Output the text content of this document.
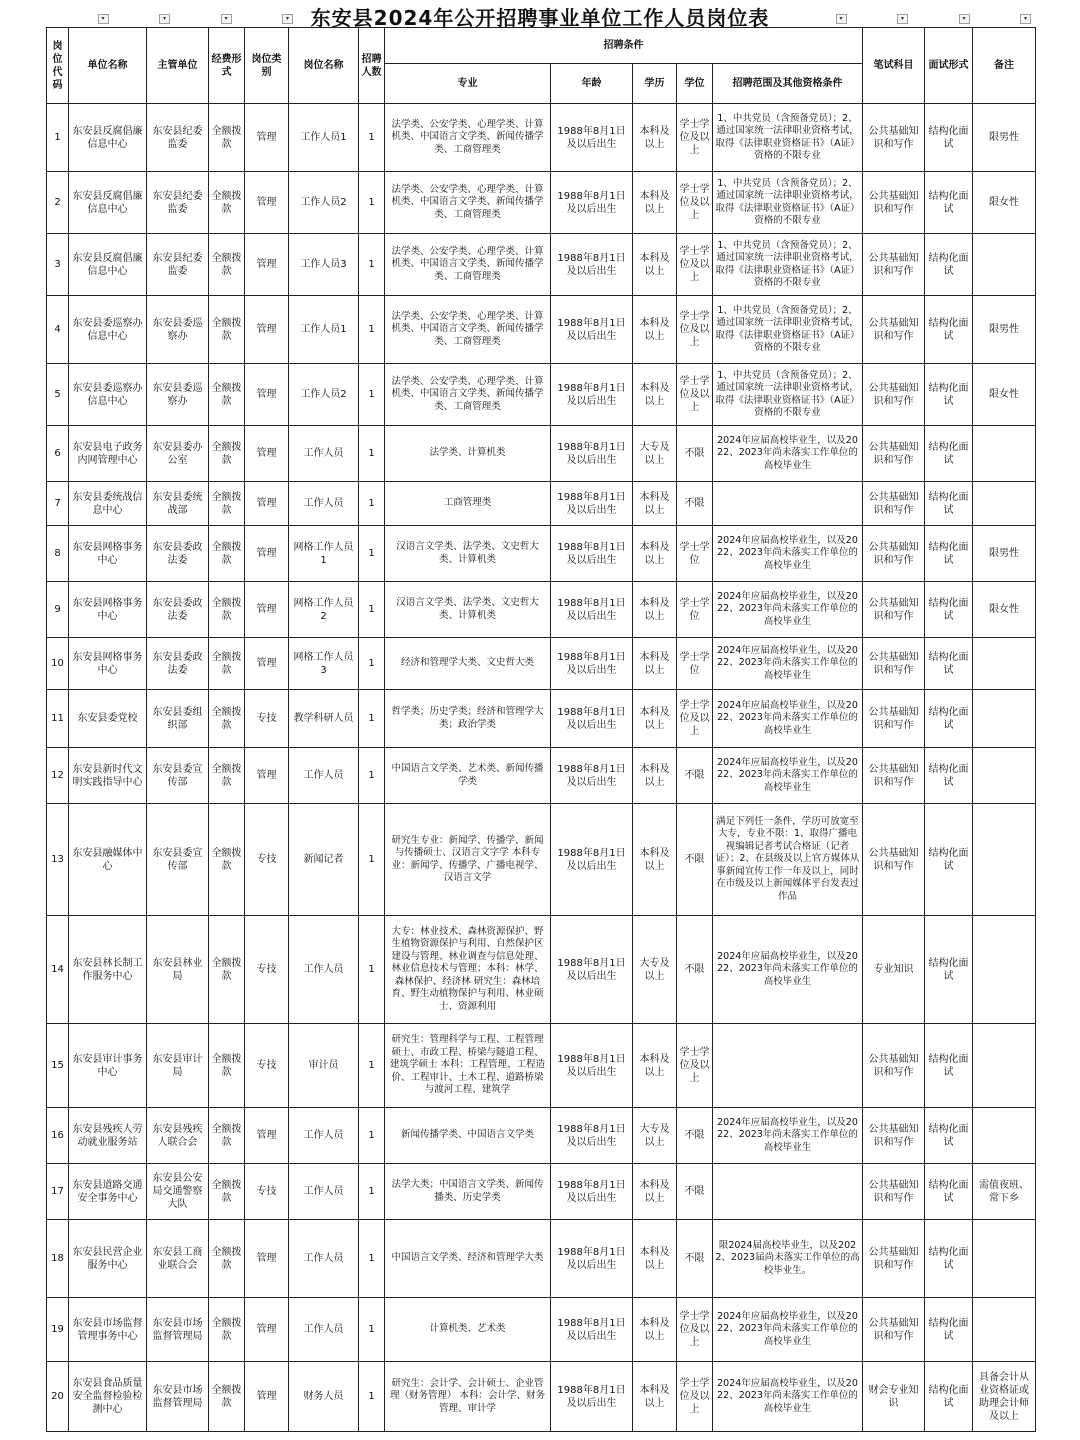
▾	▾	▾	▾	▾	▾	▾	▾
东安县2024年公开招聘事业单位工作人员岗位表
岗位代码	单位名称	主管单位	经费形式	岗位类别	岗位名称	招聘人数	招聘条件					笔试科目	面试形式	备注
							专业	年龄	学历	学位	招聘范围及其他资格条件			
1	东安县反腐倡廉信息中心	东安县纪委监委	全额拨款	管理	工作人员1	1	法学类、公安学类、心理学类、计算机类、中国语言文学类、新闻传播学类、工商管理类	1988年8月1日及以后出生	本科及以上	学士学位及以上	1、中共党员（含预备党员）；2、通过国家统一法律职业资格考试，取得《法律职业资格证书》（A证）资格的不限专业	公共基础知识和写作	结构化面试	限男性
2	东安县反腐倡廉信息中心	东安县纪委监委	全额拨款	管理	工作人员2	1	法学类、公安学类、心理学类、计算机类、中国语言文学类、新闻传播学类、工商管理类	1988年8月1日及以后出生	本科及以上	学士学位及以上	1、中共党员（含预备党员）；2、通过国家统一法律职业资格考试，取得《法律职业资格证书》（A证）资格的不限专业	公共基础知识和写作	结构化面试	限女性
3	东安县反腐倡廉信息中心	东安县纪委监委	全额拨款	管理	工作人员3	1	法学类、公安学类、心理学类、计算机类、中国语言文学类、新闻传播学类、工商管理类	1988年8月1日及以后出生	本科及以上	学士学位及以上	1、中共党员（含预备党员）；2、通过国家统一法律职业资格考试，取得《法律职业资格证书》（A证）资格的不限专业	公共基础知识和写作	结构化面试	
4	东安县委巡察办信息中心	东安县委巡察办	全额拨款	管理	工作人员1	1	法学类、公安学类、心理学类、计算机类、中国语言文学类、新闻传播学类、工商管理类	1988年8月1日及以后出生	本科及以上	学士学位及以上	1、中共党员（含预备党员）；2、通过国家统一法律职业资格考试，取得《法律职业资格证书》（A证）资格的不限专业	公共基础知识和写作	结构化面试	限男性
5	东安县委巡察办信息中心	东安县委巡察办	全额拨款	管理	工作人员2	1	法学类、公安学类、心理学类、计算机类、中国语言文学类、新闻传播学类、工商管理类	1988年8月1日及以后出生	本科及以上	学士学位及以上	1、中共党员（含预备党员）；2、通过国家统一法律职业资格考试，取得《法律职业资格证书》（A证）资格的不限专业	公共基础知识和写作	结构化面试	限女性
6	东安县电子政务内网管理中心	东安县委办公室	全额拨款	管理	工作人员	1	法学类、计算机类	1988年8月1日及以后出生	大专及以上	不限	2024年应届高校毕业生，以及2022、2023年尚未落实工作单位的高校毕业生	公共基础知识和写作	结构化面试	
7	东安县委统战信息中心	东安县委统战部	全额拨款	管理	工作人员	1	工商管理类	1988年8月1日及以后出生	本科及以上	不限		公共基础知识和写作	结构化面试	
8	东安县网格事务中心	东安县委政法委	全额拨款	管理	网格工作人员1	1	汉语言文学类、法学类、文史哲大类、计算机类	1988年8月1日及以后出生	本科及以上	学士学位	2024年应届高校毕业生，以及2022、2023年尚未落实工作单位的高校毕业生	公共基础知识和写作	结构化面试	限男性
9	东安县网格事务中心	东安县委政法委	全额拨款	管理	网格工作人员2	1	汉语言文学类、法学类、文史哲大类、计算机类	1988年8月1日及以后出生	本科及以上	学士学位	2024年应届高校毕业生，以及2022、2023年尚未落实工作单位的高校毕业生	公共基础知识和写作	结构化面试	限女性
10	东安县网格事务中心	东安县委政法委	全额拨款	管理	网格工作人员3	1	经济和管理学大类、文史哲大类	1988年8月1日及以后出生	本科及以上	学士学位	2024年应届高校毕业生，以及2022、2023年尚未落实工作单位的高校毕业生	公共基础知识和写作	结构化面试	
11	东安县委党校	东安县委组织部	全额拨款	专技	教学科研人员	1	哲学类；历史学类；经济和管理学大类；政治学类	1988年8月1日及以后出生	本科及以上	学士学位及以上	2024年应届高校毕业生，以及2022、2023年尚未落实工作单位的高校毕业生	公共基础知识和写作	结构化面试	
12	东安县新时代文明实践指导中心	东安县委宣传部	全额拨款	管理	工作人员	1	中国语言文学类、艺术类、新闻传播学类	1988年8月1日及以后出生	本科及以上	不限	2024年应届高校毕业生，以及2022、2023年尚未落实工作单位的高校毕业生	公共基础知识和写作	结构化面试	
13	东安县融媒体中心	东安县委宣传部	全额拨款	专技	新闻记者	1	研究生专业：新闻学、传播学、新闻与传播硕士、汉语言文字学 本科专业：新闻学、传播学、广播电视学、汉语言文学	1988年8月1日及以后出生	本科及以上	不限	满足下列任一条件，学历可放宽至大专，专业不限：1、取得广播电视编辑记者考试合格证（记者证）；2、在县级及以上官方媒体从事新闻宣传工作一年及以上，同时在市级及以上新闻媒体平台发表过作品	公共基础知识和写作	结构化面试	
14	东安县林长制工作服务中心	东安县林业局	全额拨款	专技	工作人员	1	大专：林业技术、森林资源保护、野生植物资源保护与利用、自然保护区建设与管理、林业调查与信息处理、林业信息技术与管理；本科：林学、森林保护、经济林 研究生：森林培育、野生动植物保护与利用、林业硕士、资源利用	1988年8月1日及以后出生	大专及以上	不限	2024年应届高校毕业生，以及2022、2023年尚未落实工作单位的高校毕业生	专业知识	结构化面试	
15	东安县审计事务中心	东安县审计局	全额拨款	专技	审计员	1	研究生：管理科学与工程、工程管理硕士、市政工程、桥梁与隧道工程、建筑学硕士 本科：工程管理、工程造价、工程审计、土木工程、道路桥梁与渡河工程、建筑学	1988年8月1日及以后出生	本科及以上	学士学位及以上		公共基础知识和写作	结构化面试	
16	东安县残疾人劳动就业服务站	东安县残疾人联合会	全额拨款	管理	工作人员	1	新闻传播学类、中国语言文学类	1988年8月1日及以后出生	大专及以上	不限	2024年应届高校毕业生，以及2022、2023年尚未落实工作单位的高校毕业生	公共基础知识和写作	结构化面试	
17	东安县道路交通安全事务中心	东安县公安局交通警察大队	全额拨款	专技	工作人员	1	法学大类；中国语言文学类、新闻传播类、历史学类	1988年8月1日及以后出生	本科及以上	不限		公共基础知识和写作	结构化面试	需值夜班、常下乡
18	东安县民营企业服务中心	东安县工商业联合会	全额拨款	管理	工作人员	1	中国语言文学类、经济和管理学大类	1988年8月1日及以后出生	本科及以上	不限	限2024届高校毕业生，以及2022、2023届尚未落实工作单位的高校毕业生。	公共基础知识和写作	结构化面试	
19	东安县市场监督管理事务中心	东安县市场监督管理局	全额拨款	管理	工作人员	1	计算机类、艺术类	1988年8月1日及以后出生	本科及以上	学士学位及以上	2024年应届高校毕业生，以及2022、2023年尚未落实工作单位的高校毕业生	公共基础知识和写作	结构化面试	
20	东安县食品质量安全监督检验检测中心	东安县市场监督管理局	全额拨款	管理	财务人员	1	研究生：会计学、会计硕士、企业管理（财务管理） 本科：会计学、财务管理、审计学	1988年8月1日及以后出生	本科及以上	学士学位及以上	2024年应届高校毕业生，以及2022、2023年尚未落实工作单位的高校毕业生	财会专业知识	结构化面试	具备会计从业资格证或助理会计师及以上
